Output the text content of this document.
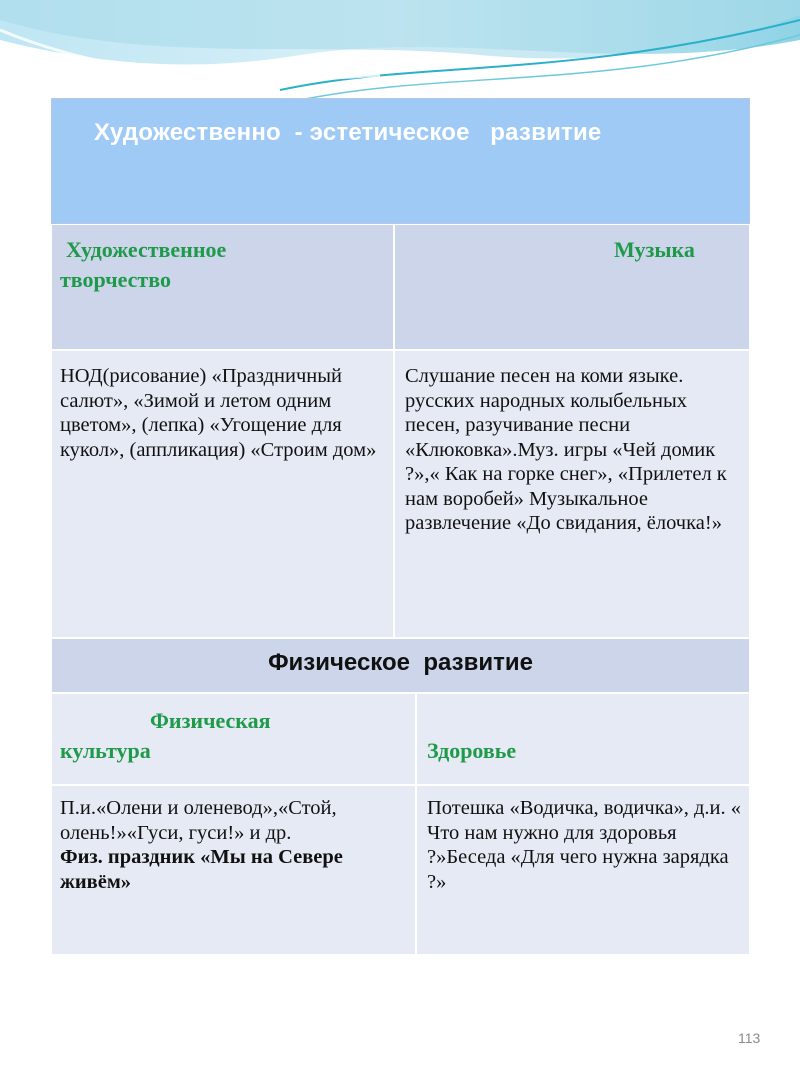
Художественно  - эстетическое   развитие
Художественное творчество
Музыка
НОД(рисование) «Праздничный салют», «Зимой и летом одним цветом», (лепка) «Угощение для кукол», (аппликация) «Строим дом»
Слушание песен на коми языке. русских народных колыбельных песен, разучивание песни «Клюковка».Муз. игры «Чей домик ?»,« Как на горке снег», «Прилетел к нам воробей» Музыкальное развлечение «До свидания, ёлочка!»
Физическое  развитие
Физическая
культура	Здоровье
П.и.«Олени и оленевод»,«Стой, олень!»«Гуси, гуси!» и др.
Физ. праздник «Мы на Севере живём»
Потешка «Водичка, водичка», д.и. « Что нам нужно для здоровья ?»Беседа «Для чего нужна зарядка ?»
113
